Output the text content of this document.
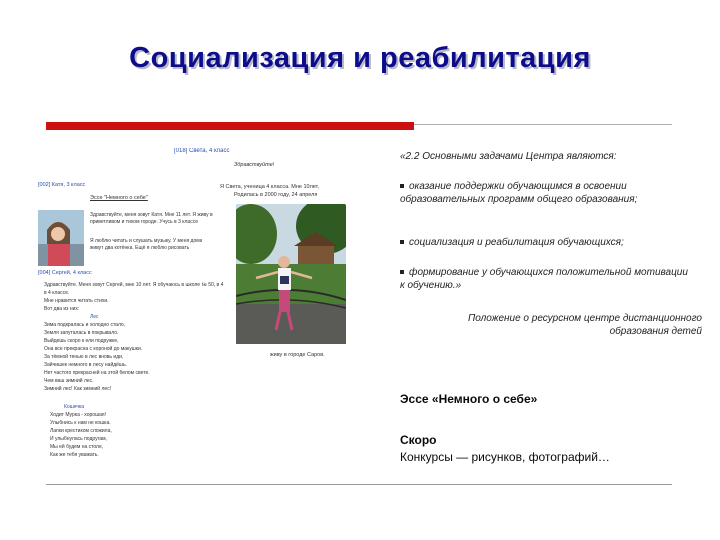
Социализация и реабилитация
[018] Света, 4 класс
Здравствуйте!
Я Света, ученица 4 класса. Мне 10лет.
Родилась в 2000 году, 24 апреля
живу в городе Саров.
[002] Катя, 3 класс
Эссе "Немного о себе"
Здравствуйте, меня зовут Катя. Мне 11 лет. Я живу в
приветливом и тихом городе. Учусь в 3 классе
Я люблю читать и слушать музыку. У меня дома
живут два котёнка. Ещё я люблю рисовать
[004] Сергей, 4 класс
Здравствуйте. Меня зовут Сергей, мне 10 лет. Я обучаюсь в школе № 50, в 4
в 4 классе.
Мне нравится читать стихи.
Вот два из них:
Лес
Зима подкралась и холодно стало,
Земля запуталась в покрывало.
Выйдешь скоро к ели подружке,
Она все прекрасна с короной до макушки.
За тёмной тенью в лес вновь иди,
Зайчишек немного в лесу найдёшь.
Нет частого прекрасней на этой белом свете.
Чем ваш зимний лес.
Зимний лес! Как зимний лес!
Кошечка
Ходит Мурка - хорошая!
Улыбнись к нам не кошка.
Лапки крестиком сложила,
И улыбнулась подругам,
Мы ей будем на столе,
Как же тебя уважать.
«2.2 Основными задачами Центра являются:
оказание поддержки обучающимся в освоении образовательных программ общего образования;
социализация и реабилитация обучающихся;
формирование у обучающихся положительной мотивации к обучению.»
Положение о ресурсном центре дистанционного образования детей
Эссе «Немного о себе»
Скоро
Конкурсы — рисунков, фотографий…
